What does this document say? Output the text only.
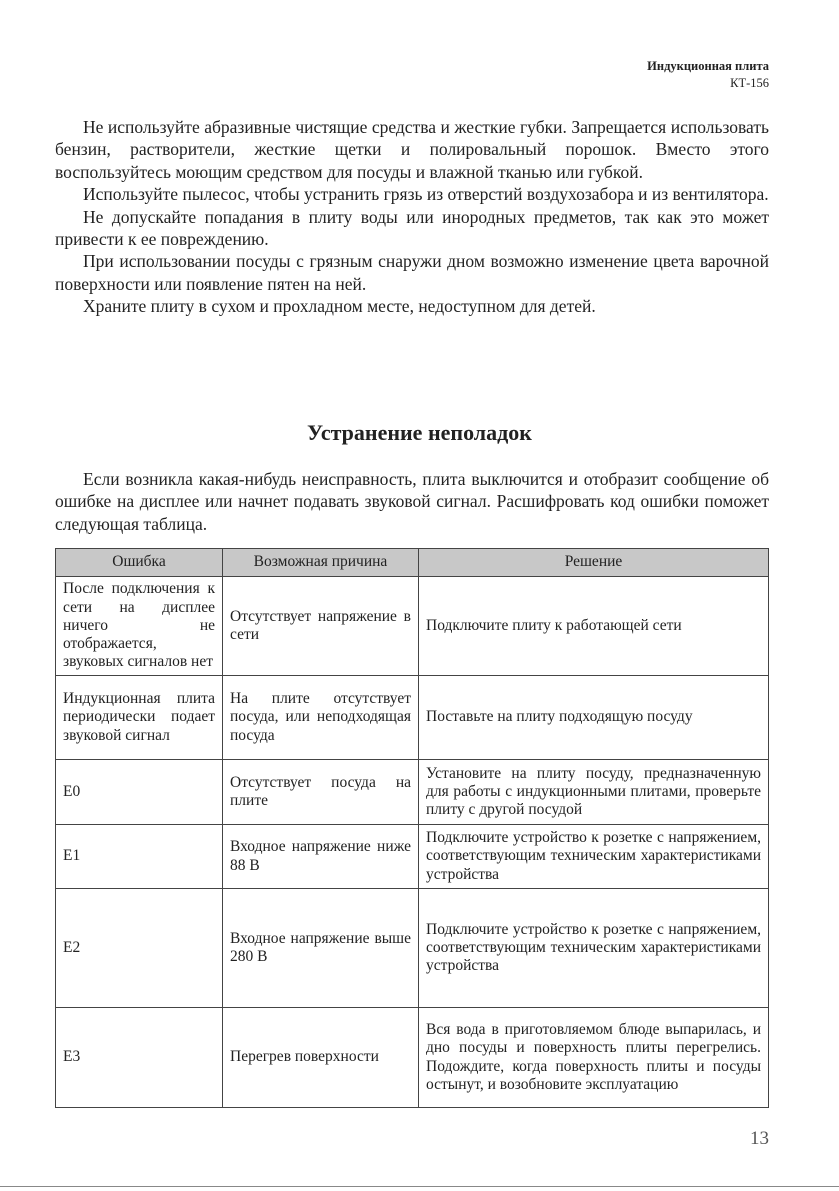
Индукционная плита
КТ-156

Не используйте абразивные чистящие средства и жесткие губки. Запрещается использовать бензин, растворители, жесткие щетки и полировальный порошок. Вместо этого воспользуйтесь моющим средством для посуды и влажной тканью или губкой.

Используйте пылесос, чтобы устранить грязь из отверстий воздухозабора и из вентилятора.

Не допускайте попадания в плиту воды или инородных предметов, так как это может привести к ее повреждению.

При использовании посуды с грязным снаружи дном возможно изменение цвета варочной поверхности или появление пятен на ней.

Храните плиту в сухом и прохладном месте, недоступном для детей.

Устранение неполадок

Если возникла какая-нибудь неисправность, плита выключится и отобразит сообщение об ошибке на дисплее или начнет подавать звуковой сигнал. Расшифровать код ошибки поможет следующая таблица.

Ошибка	Возможная причина	Решение
После подключения к сети на дисплее ничего не отображается, звуковых сигналов нет	Отсутствует напряжение в сети	Подключите плиту к работающей сети
Индукционная плита периодически подает звуковой сигнал	На плите отсутствует посуда, или неподходящая посуда	Поставьте на плиту подходящую посуду
E0	Отсутствует посуда на плите	Установите на плиту посуду, предназначенную для работы с индукционными плитами, проверьте плиту с другой посудой
E1	Входное напряжение ниже 88 В	Подключите устройство к розетке с напряжением, соответствующим техническим характеристиками устройства
E2	Входное напряжение выше 280 В	Подключите устройство к розетке с напряжением, соответствующим техническим характеристиками устройства
E3	Перегрев поверхности	Вся вода в приготовляемом блюде выпарилась, и дно посуды и поверхность плиты перегрелись. Подождите, когда поверхность плиты и посуды остынут, и возобновите эксплуатацию
13
